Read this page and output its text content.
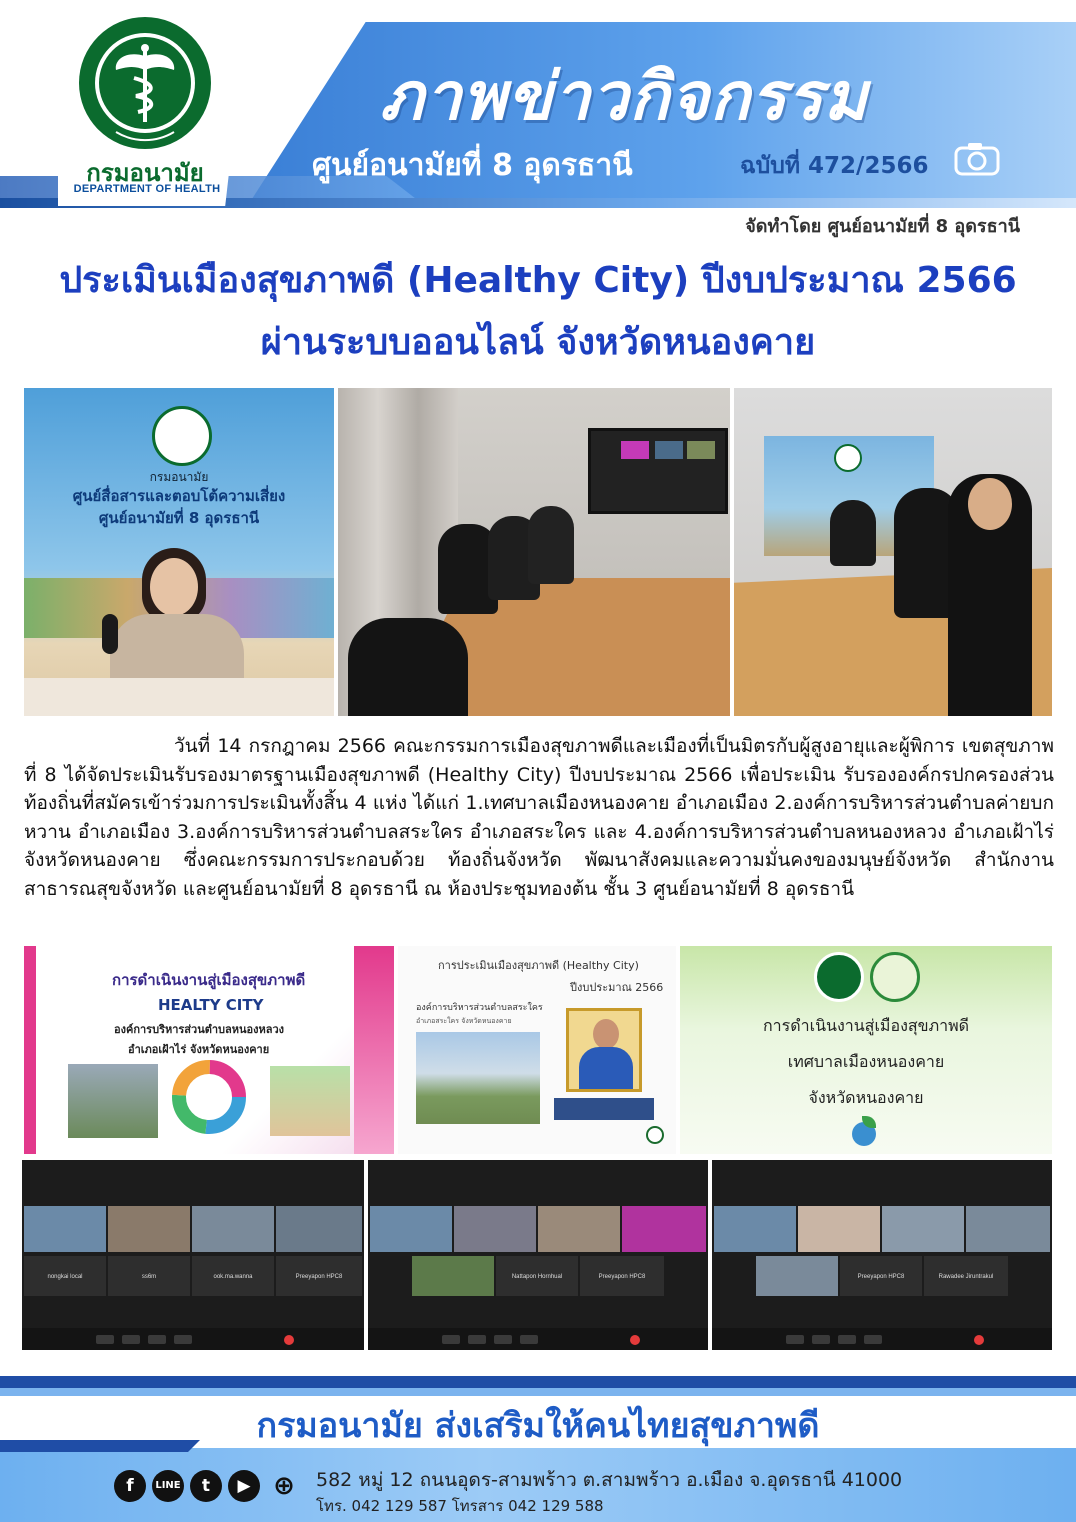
กรมอนามัย
DEPARTMENT OF HEALTH
ภาพข่าวกิจกรรม
ศูนย์อนามัยที่ 8 อุดรธานี	ฉบับที่ 472/2566
จัดทำโดย ศูนย์อนามัยที่ 8 อุดรธานี
ประเมินเมืองสุขภาพดี (Healthy City) ปีงบประมาณ 2566
ผ่านระบบออนไลน์ จังหวัดหนองคาย
กรมอนามัย
ศูนย์สื่อสารและตอบโต้ความเสี่ยง
ศูนย์อนามัยที่ 8 อุดรธานี

วันที่ 14 กรกฎาคม 2566 คณะกรรมการเมืองสุขภาพดีและเมืองที่เป็นมิตรกับผู้สูงอายุและผู้พิการ เขตสุขภาพที่ 8 ได้จัดประเมินรับรองมาตรฐานเมืองสุขภาพดี (Healthy City) ปีงบประมาณ 2566 เพื่อประเมิน รับรององค์กรปกครองส่วนท้องถิ่นที่สมัครเข้าร่วมการประเมินทั้งสิ้น 4 แห่ง ได้แก่ 1.เทศบาลเมืองหนองคาย อำเภอเมือง 2.องค์การบริหารส่วนตำบลค่ายบกหวาน อำเภอเมือง 3.องค์การบริหารส่วนตำบลสระใคร อำเภอสระใคร และ 4.องค์การบริหารส่วนตำบลหนองหลวง อำเภอเฝ้าไร่ จังหวัดหนองคาย ซึ่งคณะกรรมการประกอบด้วย ท้องถิ่นจังหวัด พัฒนาสังคมและความมั่นคงของมนุษย์จังหวัด สำนักงานสาธารณสุขจังหวัด และศูนย์อนามัยที่ 8 อุดรธานี ณ ห้องประชุมทองต้น ชั้น 3 ศูนย์อนามัยที่ 8 อุดรธานี

การดำเนินงานสู่เมืองสุขภาพดี
HEALTY CITY
องค์การบริหารส่วนตำบลหนองหลวง
อำเภอเฝ้าไร่ จังหวัดหนองคาย
การประเมินเมืองสุขภาพดี (Healthy City)
ปีงบประมาณ 2566
องค์การบริหารส่วนตำบลสระใคร
อำเภอสระใคร จังหวัดหนองคาย	การดำเนินงานสู่เมืองสุขภาพดี
เทศบาลเมืองหนองคาย
จังหวัดหนองคาย
nongkai local	ss6m	ook.ma.wanna	Preeyapon HPC8	Nattapon Hornhual	Preeyapon HPC8	Preeyapon HPC8	Rawadee Jiruntrakul
กรมอนามัย ส่งเสริมให้คนไทยสุขภาพดี
f	LINE	t	▶ ⊕ 582 หมู่ 12 ถนนอุดร-สามพร้าว ต.สามพร้าว อ.เมือง จ.อุดรธานี 41000
โทร. 042 129 587 โทรสาร 042 129 588
